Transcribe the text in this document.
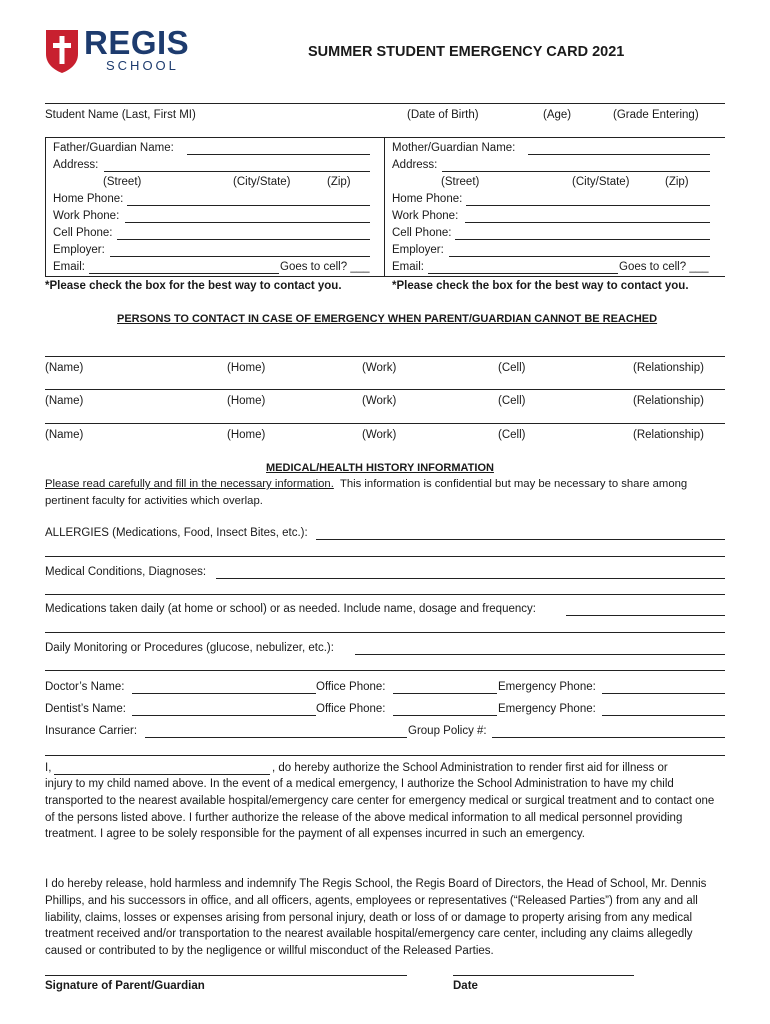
REGIS
SCHOOL
SUMMER STUDENT EMERGENCY CARD 2021
Student Name (Last, First MI)	(Date of Birth)	(Age)	(Grade Entering)
Father/Guardian Name:
Address:
(Street)	(City/State)	(Zip)
Home Phone:
Work Phone:
Cell Phone:
Employer:
Email:	Goes to cell? ___
Mother/Guardian Name:
Address:
(Street)	(City/State)	(Zip)
Home Phone:
Work Phone:
Cell Phone:
Employer:
Email:	Goes to cell? ___
*Please check the box for the best way to contact you.	*Please check the box for the best way to contact you.
PERSONS TO CONTACT IN CASE OF EMERGENCY WHEN PARENT/GUARDIAN CANNOT BE REACHED
(Name)	(Home)	(Work)	(Cell)	(Relationship)
(Name)	(Home)	(Work)	(Cell)	(Relationship)
(Name)	(Home)	(Work)	(Cell)	(Relationship)
MEDICAL/HEALTH HISTORY INFORMATION
Please read carefully and fill in the necessary information. This information is confidential but may be necessary to share among pertinent faculty for activities which overlap.
ALLERGIES (Medications, Food, Insect Bites, etc.):
Medical Conditions, Diagnoses:
Medications taken daily (at home or school) or as needed. Include name, dosage and frequency:
Daily Monitoring or Procedures (glucose, nebulizer, etc.):
Doctor’s Name:	Office Phone:	Emergency Phone:
Dentist’s Name:	Office Phone:	Emergency Phone:
Insurance Carrier:	Group Policy #:
I,	, do hereby authorize the School Administration to render first aid for illness or
injury to my child named above. In the event of a medical emergency, I authorize the School Administration to have my child transported to the nearest available hospital/emergency care center for emergency medical or surgical treatment and to contact one of the persons listed above. I further authorize the release of the above medical information to all medical personnel providing treatment. I agree to be solely responsible for the payment of all expenses incurred in such an emergency.
I do hereby release, hold harmless and indemnify The Regis School, the Regis Board of Directors, the Head of School, Mr. Dennis Phillips, and his successors in office, and all officers, agents, employees or representatives (“Released Parties”) from any and all liability, claims, losses or expenses arising from personal injury, death or loss of or damage to property arising from any medical treatment received and/or transportation to the nearest available hospital/emergency care center, including any claims allegedly caused or contributed to by the negligence or willful misconduct of the Released Parties.
Signature of Parent/Guardian	Date
